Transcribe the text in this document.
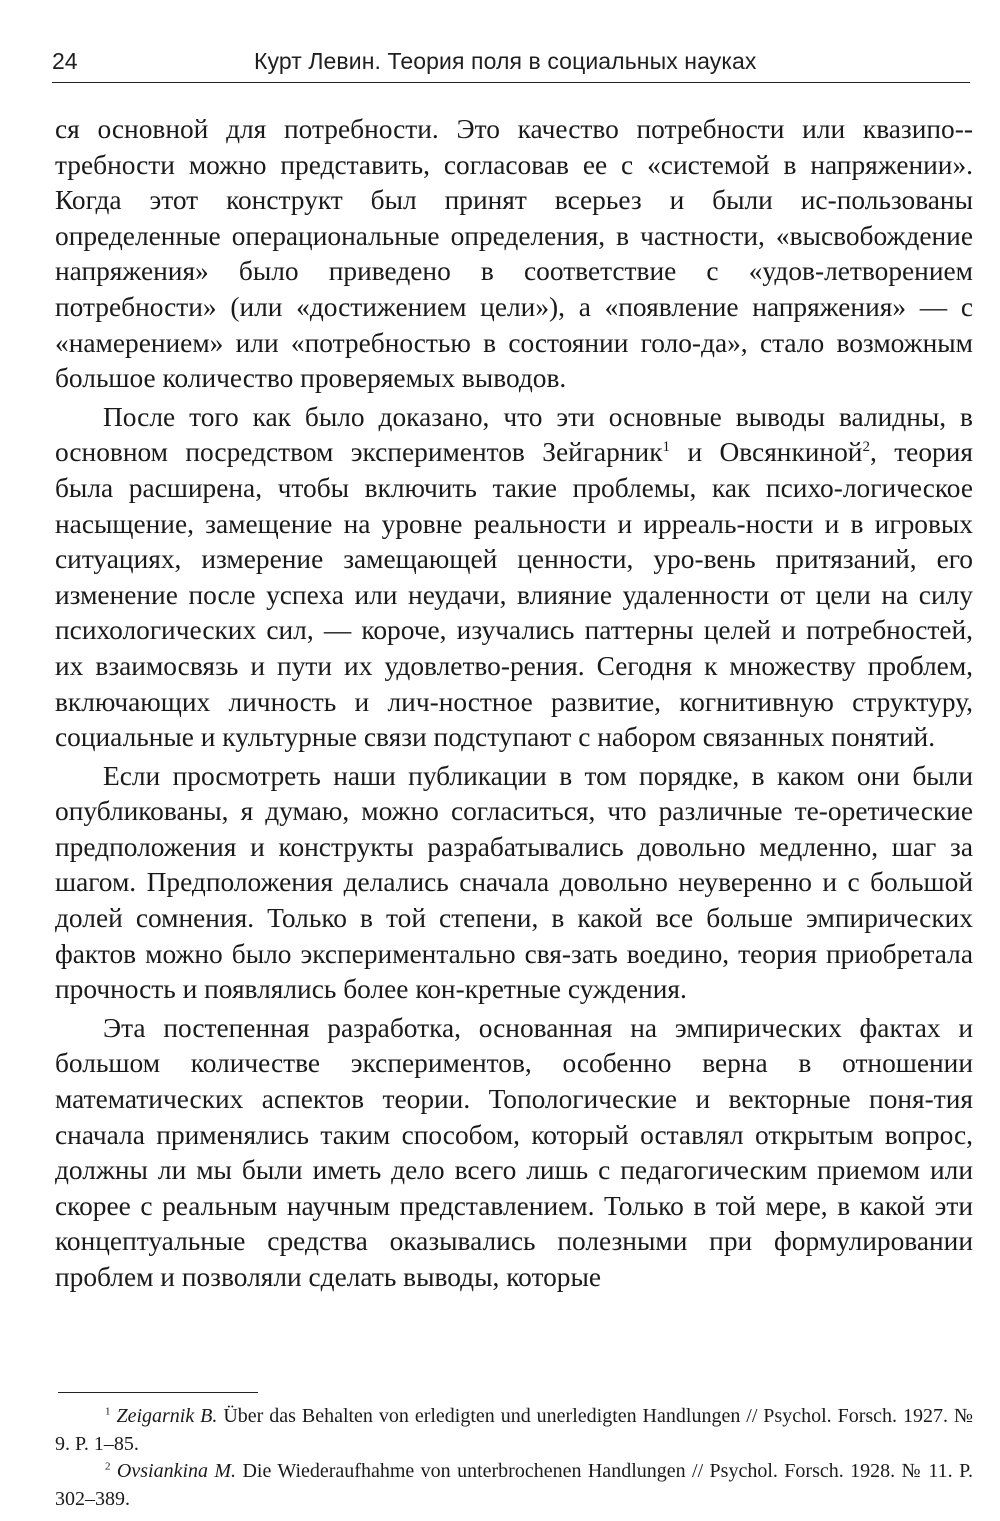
24	Курт Левин. Теория поля в социальных науках

ся основной для потребности. Это качество потребности или квазипо-требности можно представить, согласовав ее с «системой в напряжении». Когда этот конструкт был принят всерьез и были ис-пользованы определенные операциональные определения, в частности, «высвобождение напряжения» было приведено в соответствие с «удов-летворением потребности» (или «достижением цели»), а «появление напряжения» — с «намерением» или «потребностью в состоянии голо-да», стало возможным большое количество проверяемых выводов.

После того как было доказано, что эти основные выводы валидны, в основном посредством экспериментов Зейгарник$^1$ и Овсянкиной$^2$, теория была расширена, чтобы включить такие проблемы, как психо-логическое насыщение, замещение на уровне реальности и ирреаль-ности и в игровых ситуациях, измерение замещающей ценности, уро-вень притязаний, его изменение после успеха или неудачи, влияние удаленности от цели на силу психологических сил, — короче, изучались паттерны целей и потребностей, их взаимосвязь и пути их удовлетво-рения. Сегодня к множеству проблем, включающих личность и лич-ностное развитие, когнитивную структуру, социальные и культурные связи подступают с набором связанных понятий.

Если просмотреть наши публикации в том порядке, в каком они были опубликованы, я думаю, можно согласиться, что различные те-оретические предположения и конструкты разрабатывались довольно медленно, шаг за шагом. Предположения делались сначала довольно неуверенно и с большой долей сомнения. Только в той степени, в какой все больше эмпирических фактов можно было экспериментально свя-зать воедино, теория приобретала прочность и появлялись более кон-кретные суждения.

Эта постепенная разработка, основанная на эмпирических фактах и большом количестве экспериментов, особенно верна в отношении математических аспектов теории. Топологические и векторные поня-тия сначала применялись таким способом, который оставлял открытым вопрос, должны ли мы были иметь дело всего лишь с педагогическим приемом или скорее с реальным научным представлением. Только в той мере, в какой эти концептуальные средства оказывались полезными при формулировании проблем и позволяли сделать выводы, которые

$^1$ Zeigarnik B. Über das Behalten von erledigten und unerledigten Handlungen // Psychol. Forsch. 1927. № 9. P. 1–85.

$^2$ Ovsiankina M. Die Wiederaufhahme von unterbrochenen Handlungen // Psychol. Forsch. 1928. № 11. P. 302–389.
